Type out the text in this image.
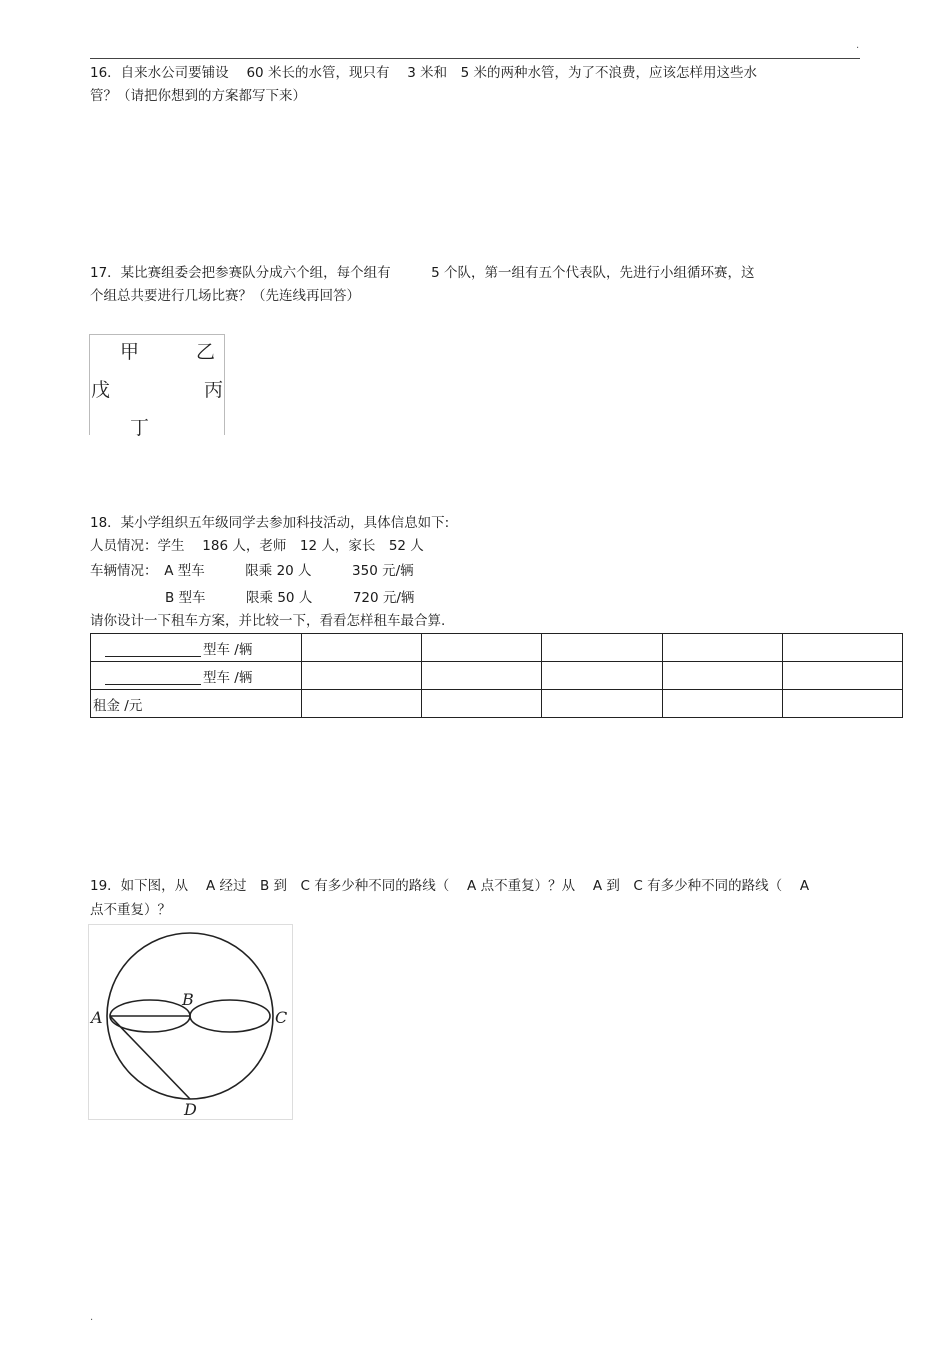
.
16．自来水公司要铺设　 60 米长的水管，现只有　 3 米和　5 米的两种水管，为了不浪费，应该怎样用这些水
管？（请把你想到的方案都写下来）
17．某比赛组委会把参赛队分成六个组，每个组有　　　5 个队，第一组有五个代表队，先进行小组循环赛，这
个组总共要进行几场比赛？（先连线再回答）
甲	乙
戊	丙
丁
18．某小学组织五年级同学去参加科技活动，具体信息如下:
人员情况：学生　 186 人，老师　12 人，家长　52 人
车辆情况：　A 型车　　　限乘 20 人　　　350 元/辆
B 型车　　　限乘 50 人　　　720 元/辆
请你设计一下租车方案，并比较一下，看看怎样租车最合算.
型车 /辆					
型车 /辆					
租金 /元					
19．如下图，从　 A 经过　B 到　C 有多少种不同的路线（　 A 点不重复）？从　 A 到　C 有多少种不同的路线（　 A
点不重复）？
A
B
C
D
.
